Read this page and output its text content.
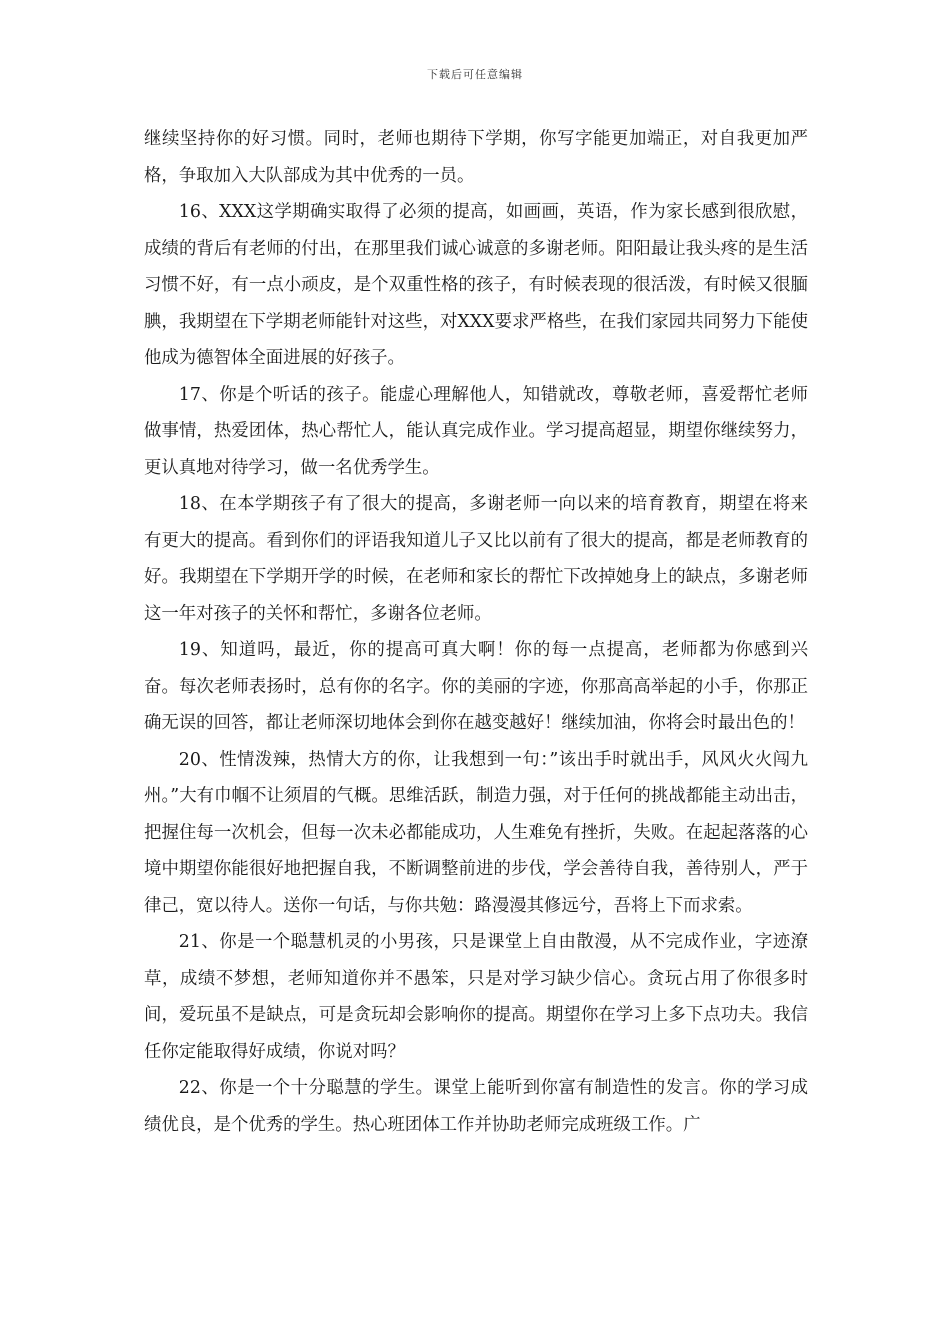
下载后可任意编辑

继续坚持你的好习惯。同时，老师也期待下学期，你写字能更加端正，对自我更加严格，争取加入大队部成为其中优秀的一员。

16、XXX这学期确实取得了必须的提高，如画画，英语，作为家长感到很欣慰，成绩的背后有老师的付出，在那里我们诚心诚意的多谢老师。阳阳最让我头疼的是生活习惯不好，有一点小顽皮，是个双重性格的孩子，有时候表现的很活泼，有时候又很腼腆，我期望在下学期老师能针对这些，对XXX要求严格些，在我们家园共同努力下能使他成为德智体全面进展的好孩子。

17、你是个听话的孩子。能虚心理解他人，知错就改，尊敬老师，喜爱帮忙老师做事情，热爱团体，热心帮忙人，能认真完成作业。学习提高超显，期望你继续努力，更认真地对待学习，做一名优秀学生。

18、在本学期孩子有了很大的提高，多谢老师一向以来的培育教育，期望在将来有更大的提高。看到你们的评语我知道儿子又比以前有了很大的提高，都是老师教育的好。我期望在下学期开学的时候，在老师和家长的帮忙下改掉她身上的缺点，多谢老师这一年对孩子的关怀和帮忙，多谢各位老师。

19、知道吗，最近，你的提高可真大啊！你的每一点提高，老师都为你感到兴奋。每次老师表扬时，总有你的名字。你的美丽的字迹，你那高高举起的小手，你那正确无误的回答，都让老师深切地体会到你在越变越好！继续加油，你将会时最出色的！

20、性情泼辣，热情大方的你，让我想到一句：”该出手时就出手，风风火火闯九州。”大有巾帼不让须眉的气概。思维活跃，制造力强，对于任何的挑战都能主动出击，把握住每一次机会，但每一次未必都能成功，人生难免有挫折，失败。在起起落落的心境中期望你能很好地把握自我，不断调整前进的步伐，学会善待自我，善待别人，严于律己，宽以待人。送你一句话，与你共勉：路漫漫其修远兮，吾将上下而求索。

21、你是一个聪慧机灵的小男孩，只是课堂上自由散漫，从不完成作业，字迹潦草，成绩不梦想，老师知道你并不愚笨，只是对学习缺少信心。贪玩占用了你很多时间，爱玩虽不是缺点，可是贪玩却会影响你的提高。期望你在学习上多下点功夫。我信任你定能取得好成绩，你说对吗？

22、你是一个十分聪慧的学生。课堂上能听到你富有制造性的发言。你的学习成绩优良，是个优秀的学生。热心班团体工作并协助老师完成班级工作。广
